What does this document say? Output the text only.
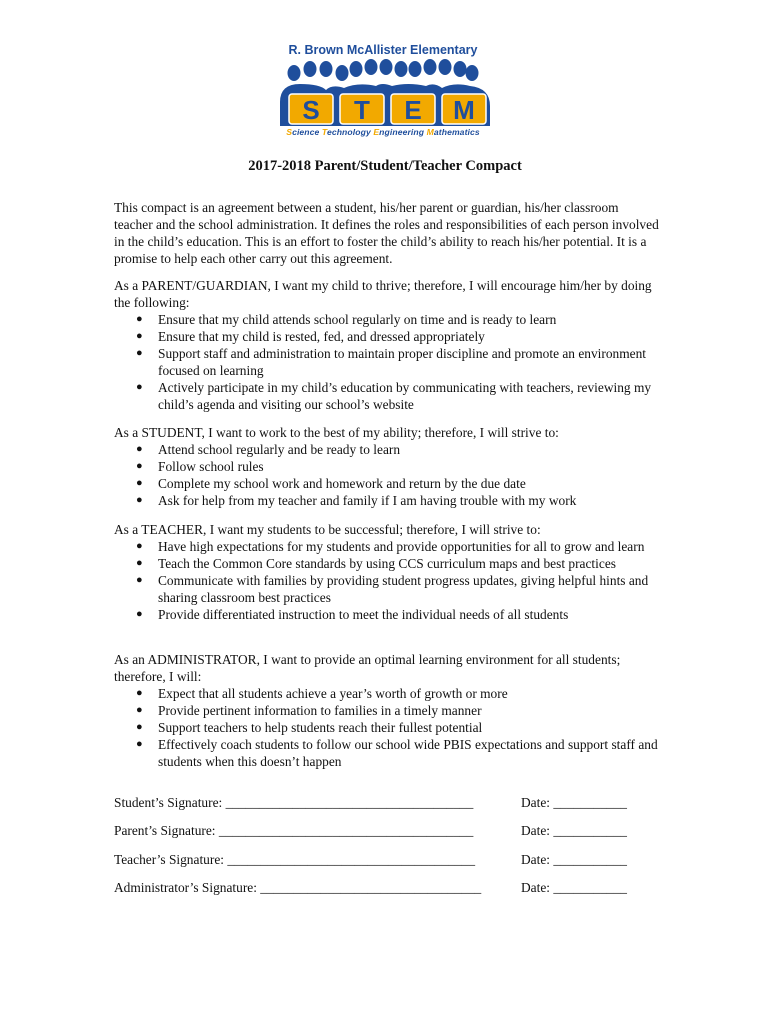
S T E M
R. Brown McAllister Elementary
Science Technology Engineering Mathematics
2017-2018 Parent/Student/Teacher Compact
This compact is an agreement between a student, his/her parent or guardian, his/her classroom teacher and the school administration. It defines the roles and responsibilities of each person involved in the child’s education. This is an effort to foster the child’s ability to reach his/her potential. It is a promise to help each other carry out this agreement.
As a PARENT/GUARDIAN, I want my child to thrive; therefore, I will encourage him/her by doing the following:
● Ensure that my child attends school regularly on time and is ready to learn
● Ensure that my child is rested, fed, and dressed appropriately
● Support staff and administration to maintain proper discipline and promote an environment focused on learning
● Actively participate in my child’s education by communicating with teachers, reviewing my child’s agenda and visiting our school’s website
As a STUDENT, I want to work to the best of my ability; therefore, I will strive to:
● Attend school regularly and be ready to learn
● Follow school rules
● Complete my school work and homework and return by the due date
● Ask for help from my teacher and family if I am having trouble with my work
As a TEACHER, I want my students to be successful; therefore, I will strive to:
● Have high expectations for my students and provide opportunities for all to grow and learn
● Teach the Common Core standards by using CCS curriculum maps and best practices
● Communicate with families by providing student progress updates, giving helpful hints and sharing classroom best practices
● Provide differentiated instruction to meet the individual needs of all students
As an ADMINISTRATOR, I want to provide an optimal learning environment for all students; therefore, I will:
● Expect that all students achieve a year’s worth of growth or more
● Provide pertinent information to families in a timely manner
● Support teachers to help students reach their fullest potential
● Effectively coach students to follow our school wide PBIS expectations and support staff and students when this doesn’t happen
Student’s Signature: _____________________________________	Date: ___________
Parent’s Signature: ______________________________________	Date: ___________
Teacher’s Signature: _____________________________________	Date: ___________
Administrator’s Signature: _________________________________	Date: ___________
